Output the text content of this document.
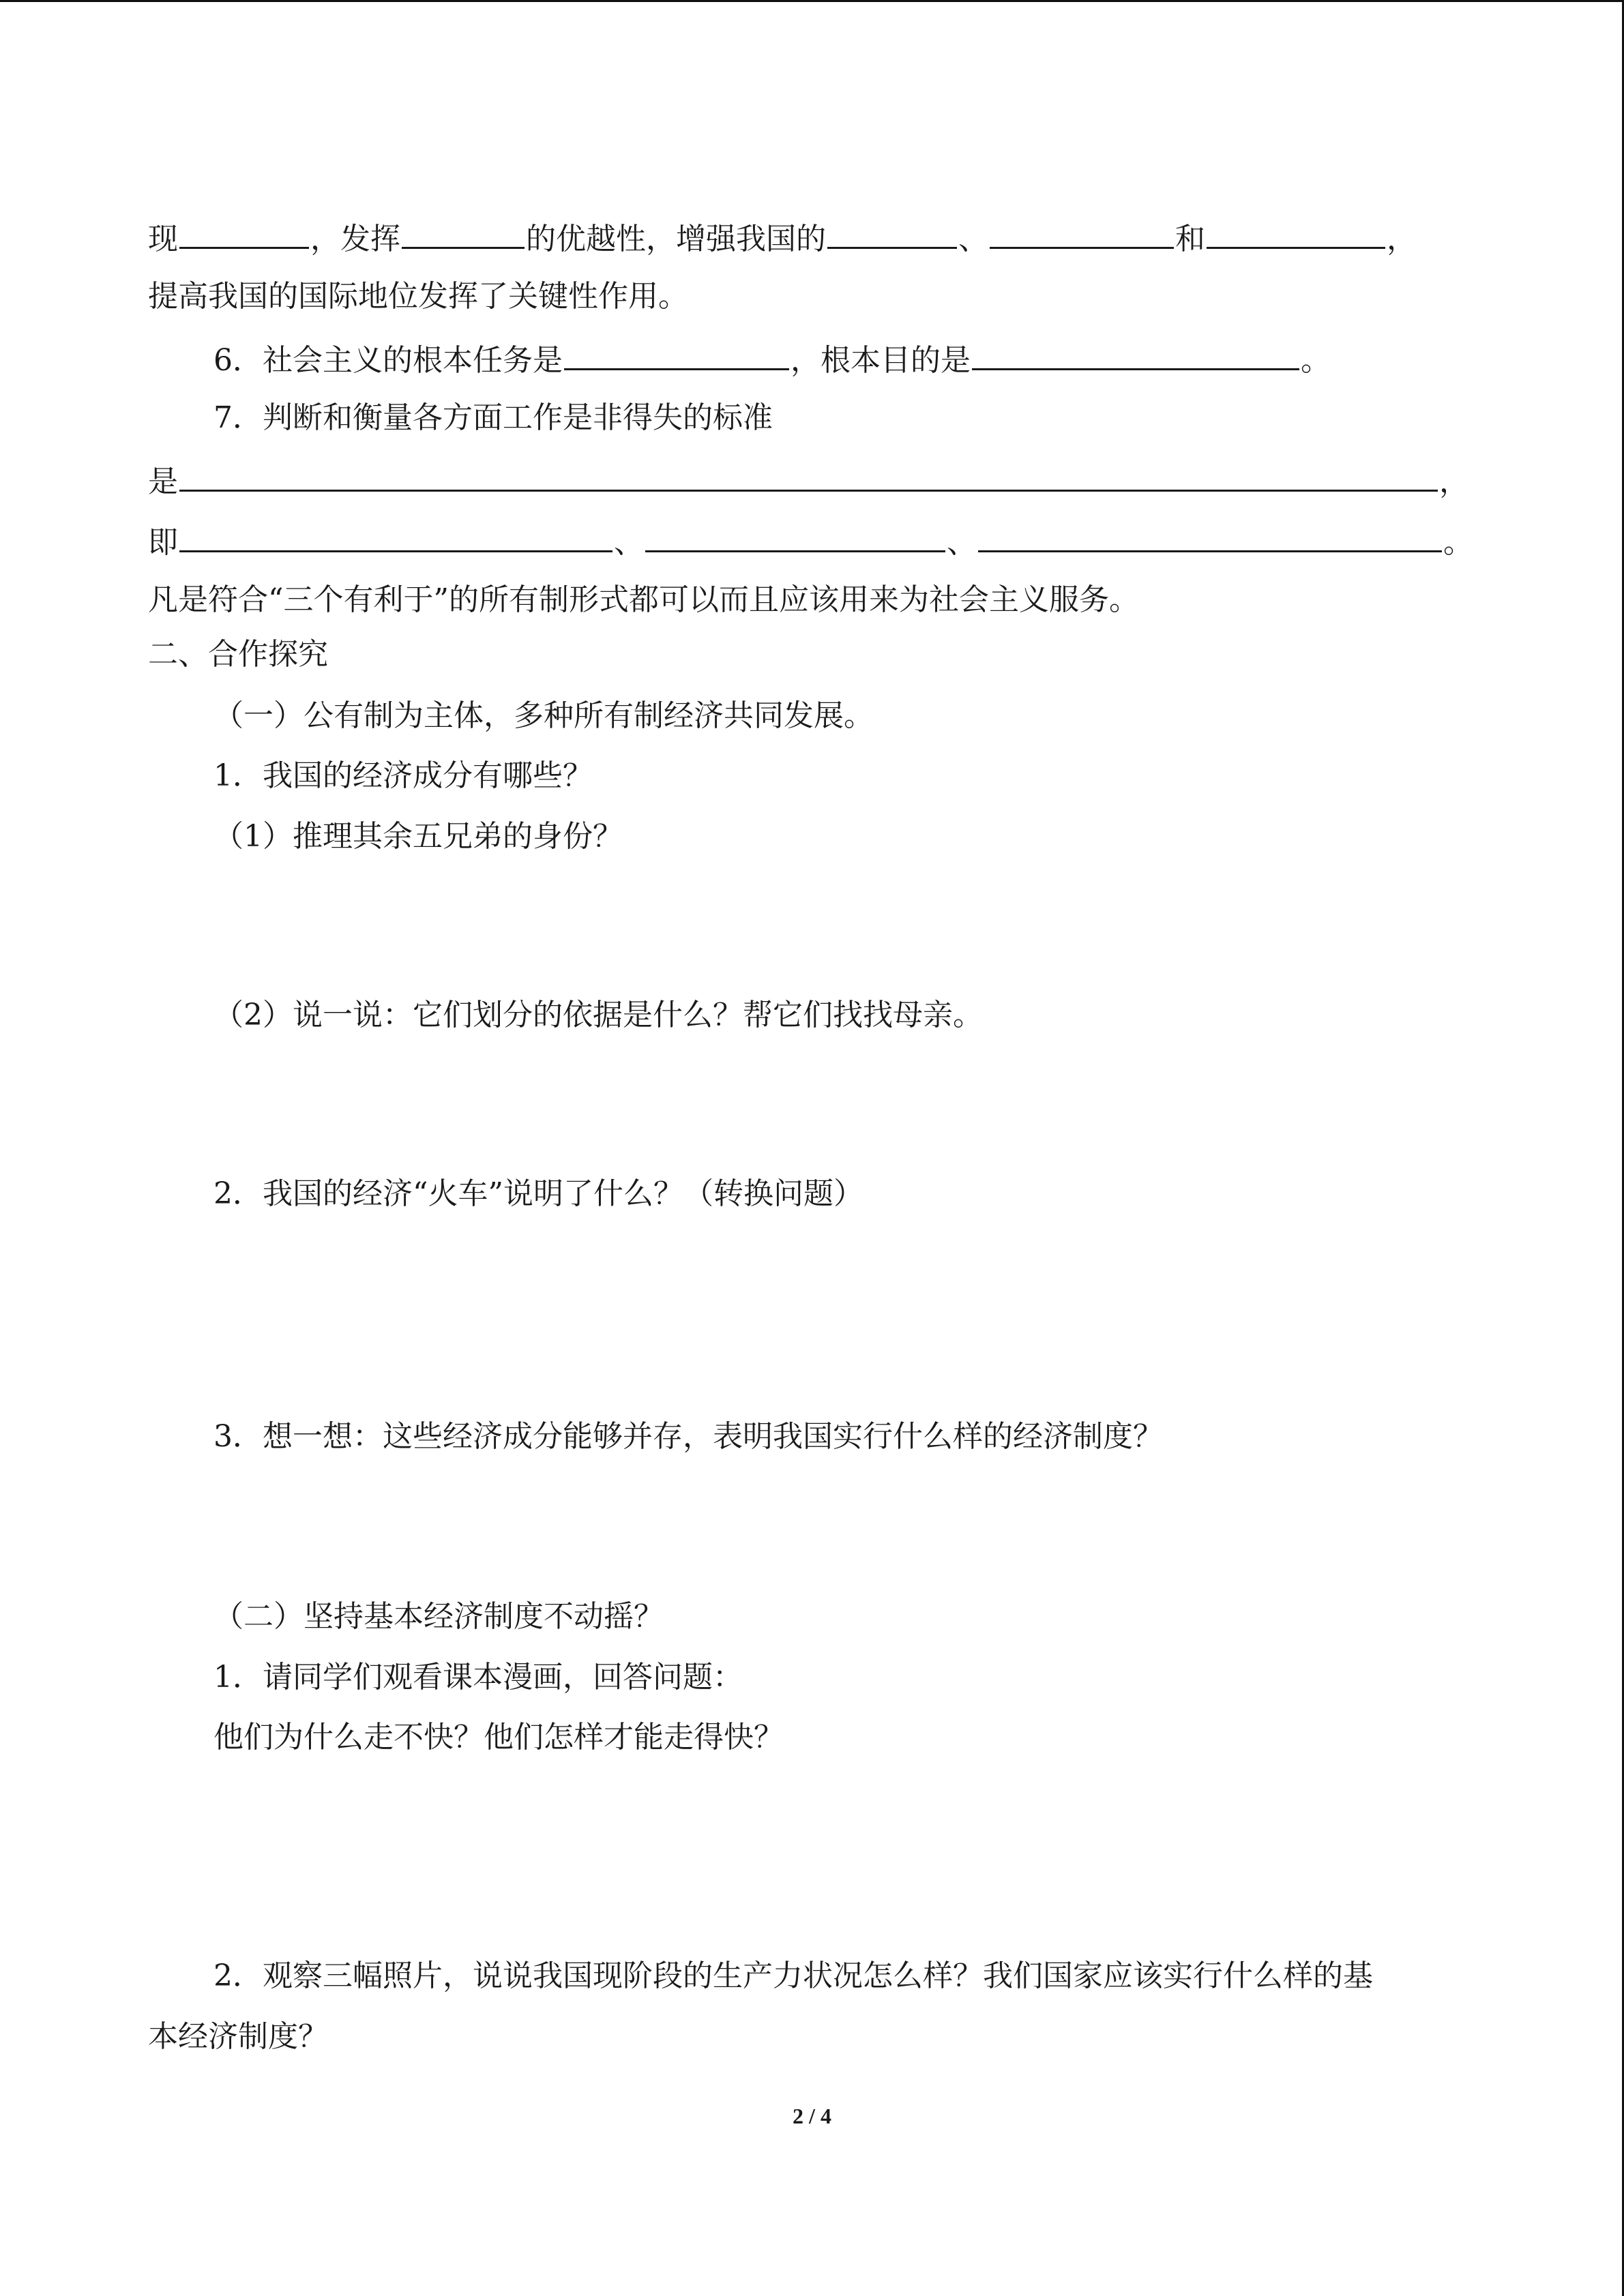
现	，发挥	的优越性，增强我国的	、	和	，
提高我国的国际地位发挥了关键性作用。
6．社会主义的根本任务是	，根本目的是	。
7．判断和衡量各方面工作是非得失的标准
是	，
即	、	、	。
凡是符合“三个有利于”的所有制形式都可以而且应该用来为社会主义服务。
二、合作探究
（一）公有制为主体，多种所有制经济共同发展。
1．我国的经济成分有哪些？
（1）推理其余五兄弟的身份？
（2）说一说：它们划分的依据是什么？帮它们找找母亲。
2．我国的经济“火车”说明了什么？（转换问题）
3．想一想：这些经济成分能够并存，表明我国实行什么样的经济制度？
（二）坚持基本经济制度不动摇？
1．请同学们观看课本漫画，回答问题：
他们为什么走不快？他们怎样才能走得快？
2．观察三幅照片，说说我国现阶段的生产力状况怎么样？我们国家应该实行什么样的基
本经济制度？
2 / 4
